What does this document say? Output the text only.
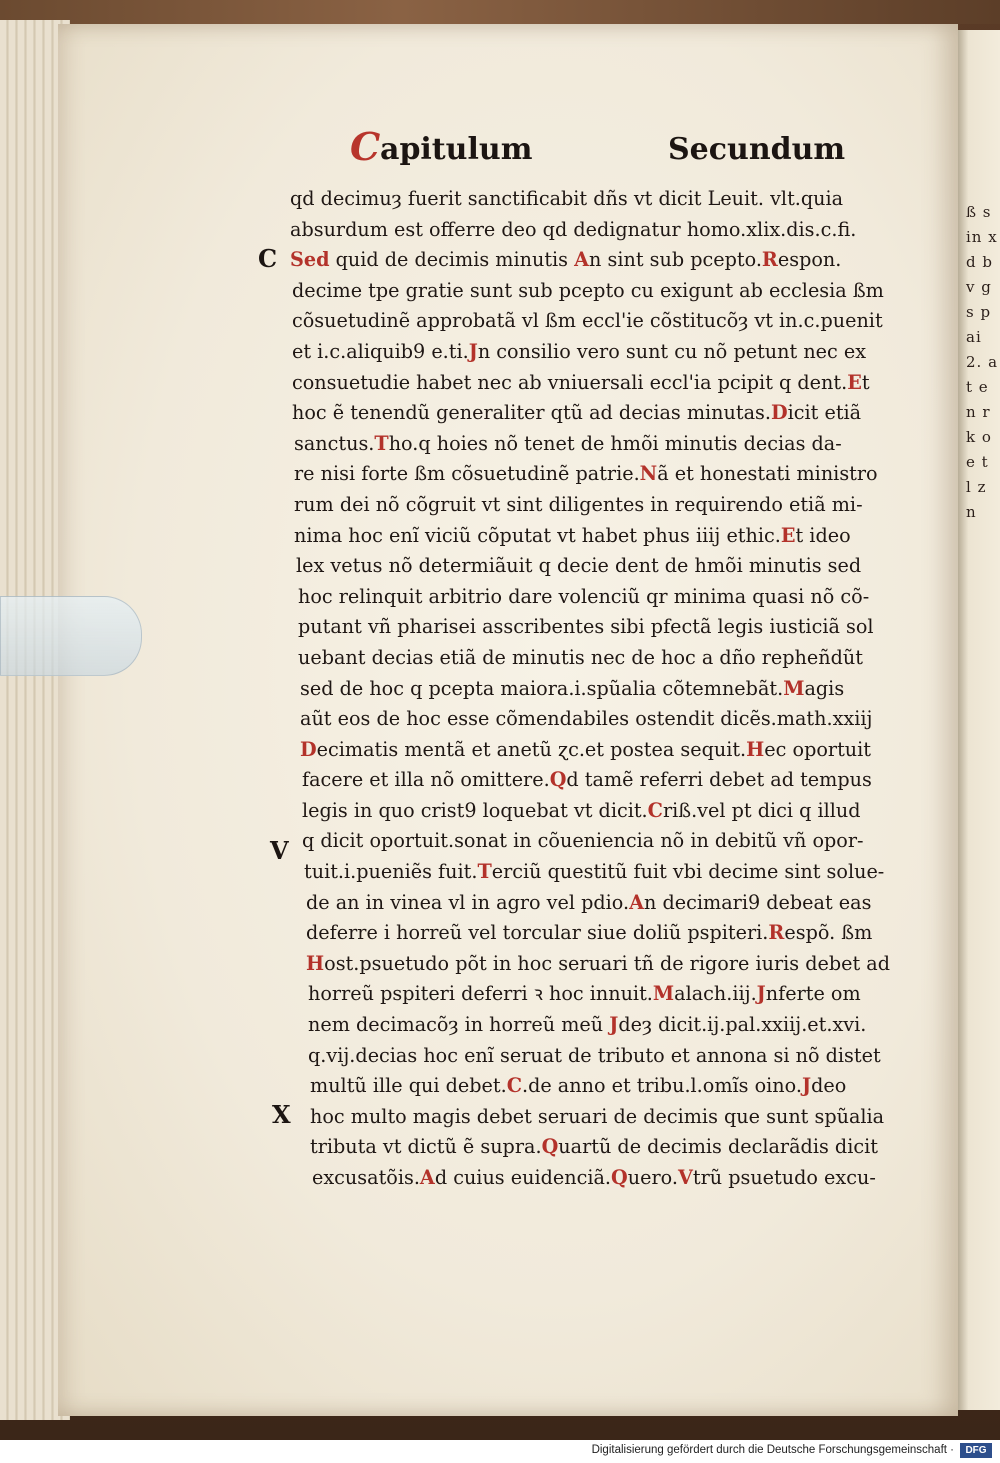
ß s in x d b v g s p ai 2. a t e n r k o e t l z n
C apitulum	Secundum
C
V
X
qd decimuȝ fuerit sanctificabit dñs vt dicit Leuit. vlt.quia
absurdum est offerre deo qd dedignatur homo.xlix.dis.c.fi.
Sed quid de decimis minutis An sint sub pcepto.Respon.
decime tpe gratie sunt sub pcepto cu exigunt ab ecclesia ßm
cõsuetudinẽ approbatã vl ßm eccl'ie cõstitucõȝ vt in.c.puenit
et i.c.aliquib9 e.ti.Jn consilio vero sunt cu nõ petunt nec ex
consuetudie habet nec ab vniuersali eccl'ia pcipit q dent.Et
hoc ẽ tenendũ generaliter qtũ ad decias minutas.Dicit etiã
sanctus.Tho.q hoies nõ tenet de hmõi minutis decias da-
re nisi forte ßm cõsuetudinẽ patrie.Nã et honestati ministro
rum dei nõ cõgruit vt sint diligentes in requirendo etiã mi-
nima hoc enĩ viciũ cõputat vt habet phus iiij ethic.Et ideo
lex vetus nõ determiãuit q decie dent de hmõi minutis sed
hoc relinquit arbitrio dare volenciũ qr minima quasi nõ cõ-
putant vñ pharisei asscribentes sibi pfectã legis iusticiã sol
uebant decias etiã de minutis nec de hoc a dño repheñdũt
sed de hoc q pcepta maiora.i.spũalia cõtemnebãt.Magis
aũt eos de hoc esse cõmendabiles ostendit dicẽs.math.xxiij
Decimatis mentã et anetũ ɀc.et postea sequit.Hec oportuit
facere et illa nõ omittere.Qd tamẽ referri debet ad tempus
legis in quo crist9 loquebat vt dicit.Criß.vel pt dici q illud
q dicit oportuit.sonat in cõueniencia nõ in debitũ vñ opor-
tuit.i.pueniẽs fuit.Terciũ questitũ fuit vbi decime sint solue-
de an in vinea vl in agro vel pdio.An decimari9 debeat eas
deferre i horreũ vel torcular siue doliũ pspiteri.Respõ. ßm
Host.psuetudo põt in hoc seruari tñ de rigore iuris debet ad
horreũ pspiteri deferri ꝛ hoc innuit.Malach.iij.Jnferte om
nem decimacõȝ in horreũ meũ Jdeȝ dicit.ij.pal.xxiij.et.xvi.
q.vij.decias hoc enĩ seruat de tributo et annona si nõ distet
multũ ille qui debet.C.de anno et tribu.l.omĩs oino.Jdeo
hoc multo magis debet seruari de decimis que sunt spũalia
tributa vt dictũ ẽ supra.Quartũ de decimis declarãdis dicit
excusatõis.Ad cuius euidenciã.Quero.Vtrũ psuetudo excu-
Digitalisierung gefördert durch die Deutsche Forschungsgemeinschaft ·	DFG
